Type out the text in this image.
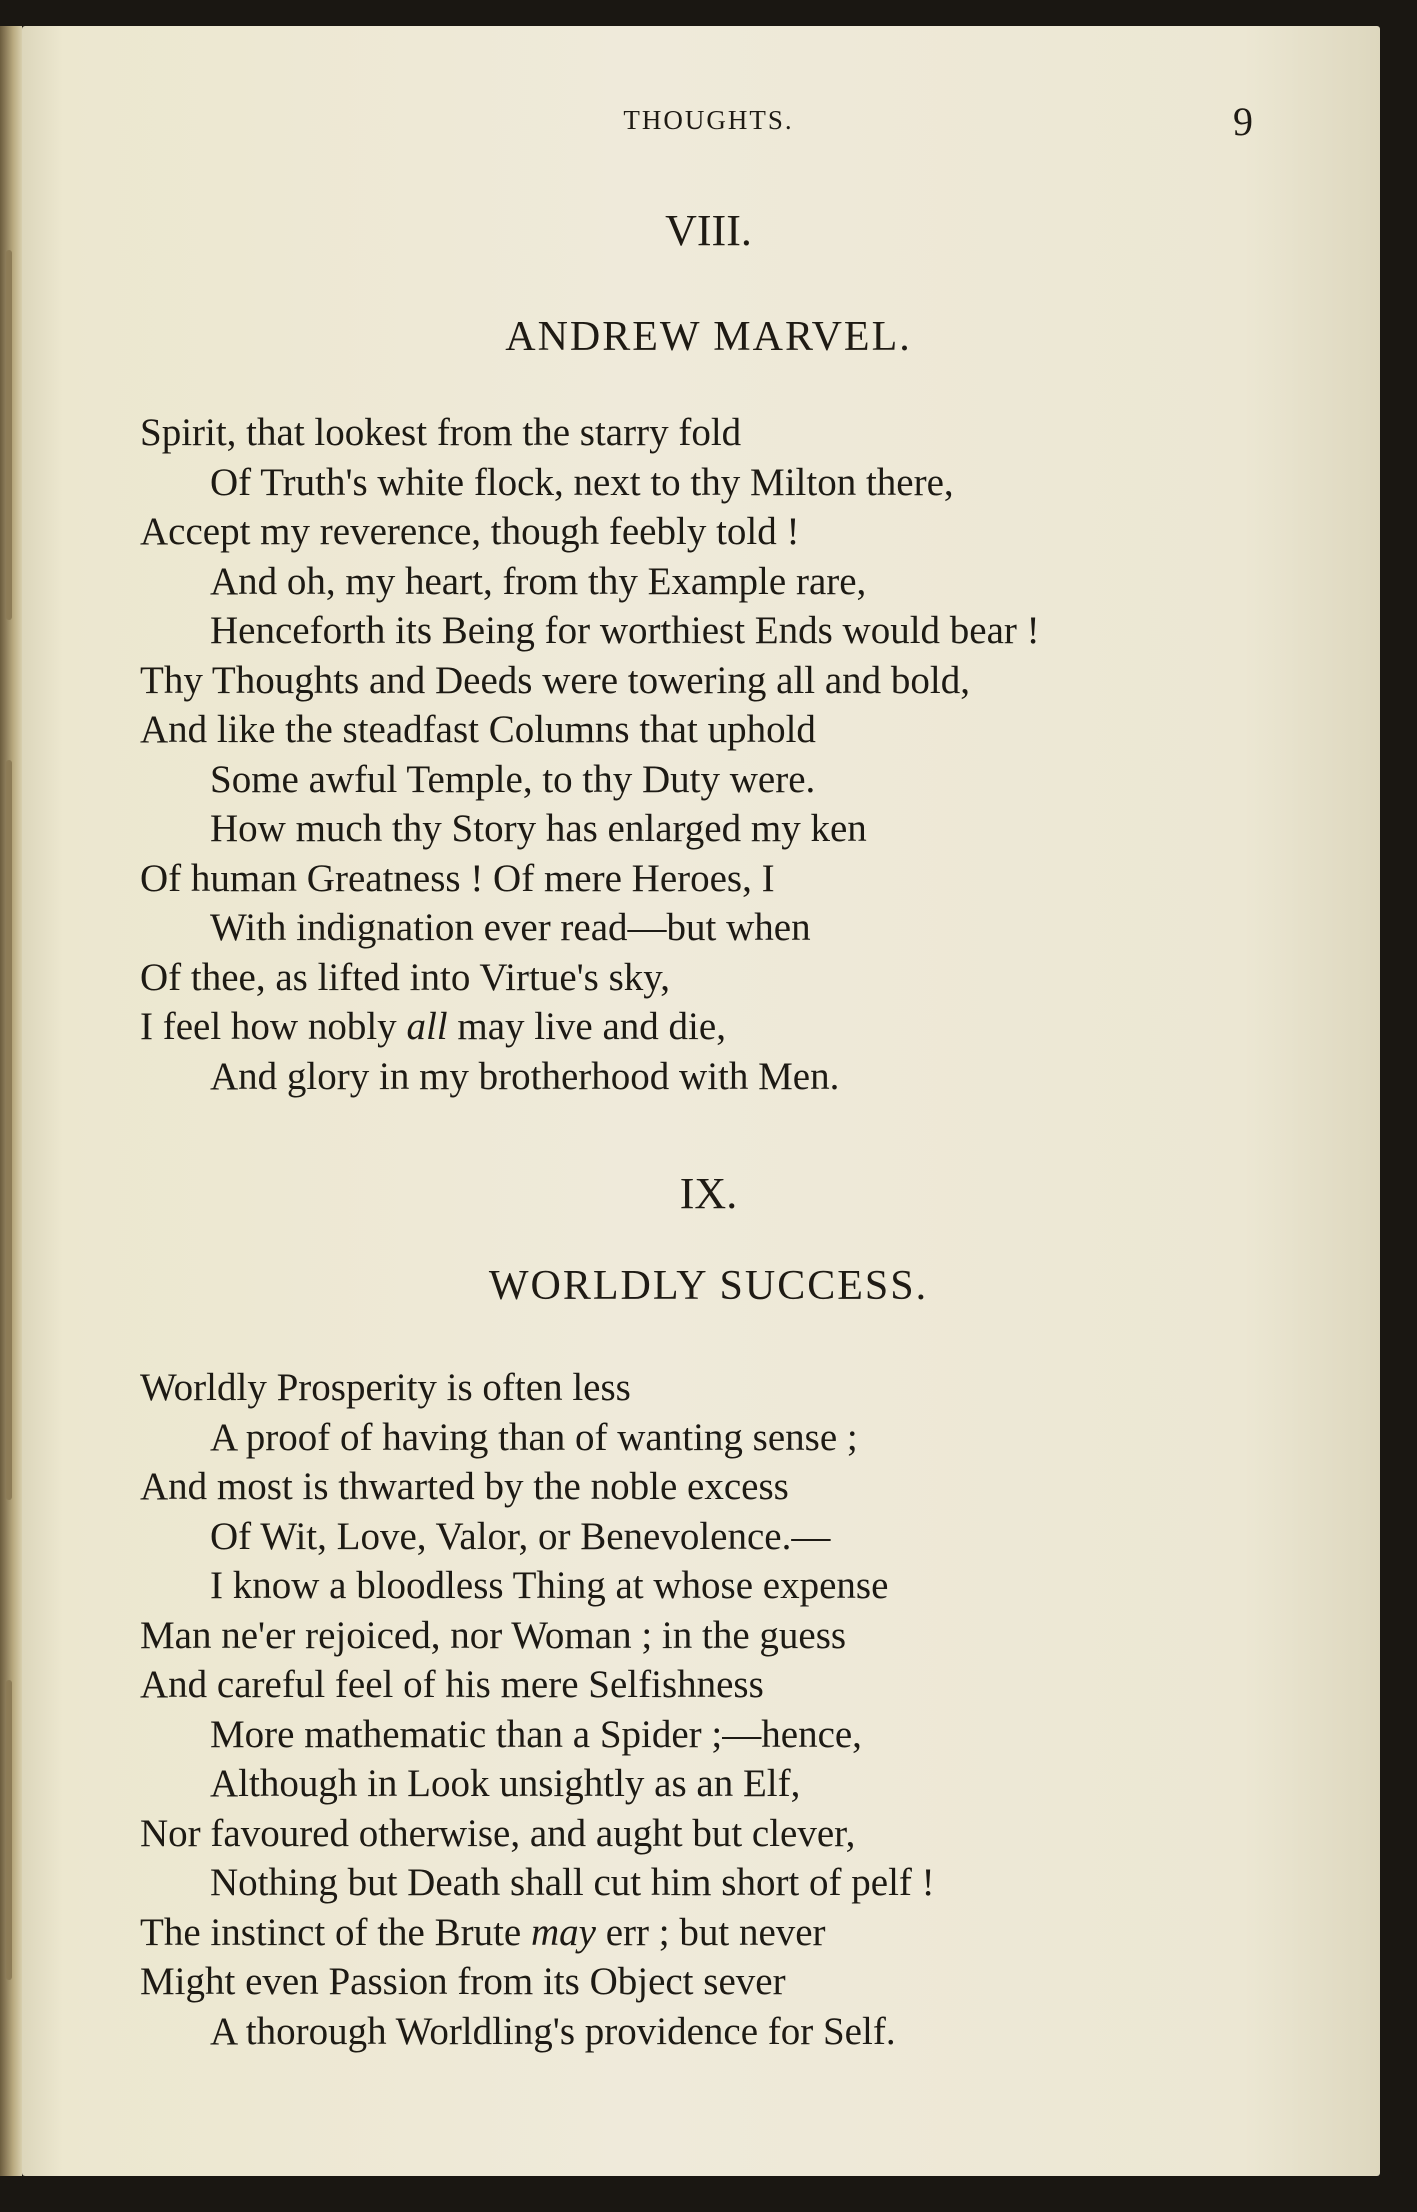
THOUGHTS.	9
VIII.
ANDREW MARVEL.
Spirit, that lookest from the starry fold
Of Truth's white flock, next to thy Milton there,
Accept my reverence, though feebly told !
And oh, my heart, from thy Example rare,
Henceforth its Being for worthiest Ends would bear !
Thy Thoughts and Deeds were towering all and bold,
And like the steadfast Columns that uphold
Some awful Temple, to thy Duty were.
How much thy Story has enlarged my ken
Of human Greatness ! Of mere Heroes, I
With indignation ever read—but when
Of thee, as lifted into Virtue's sky,
I feel how nobly all may live and die,
And glory in my brotherhood with Men.
IX.
WORLDLY SUCCESS.
Worldly Prosperity is often less
A proof of having than of wanting sense ;
And most is thwarted by the noble excess
Of Wit, Love, Valor, or Benevolence.—
I know a bloodless Thing at whose expense
Man ne'er rejoiced, nor Woman ; in the guess
And careful feel of his mere Selfishness
More mathematic than a Spider ;—hence,
Although in Look unsightly as an Elf,
Nor favoured otherwise, and aught but clever,
Nothing but Death shall cut him short of pelf !
The instinct of the Brute may err ; but never
Might even Passion from its Object sever
A thorough Worldling's providence for Self.
